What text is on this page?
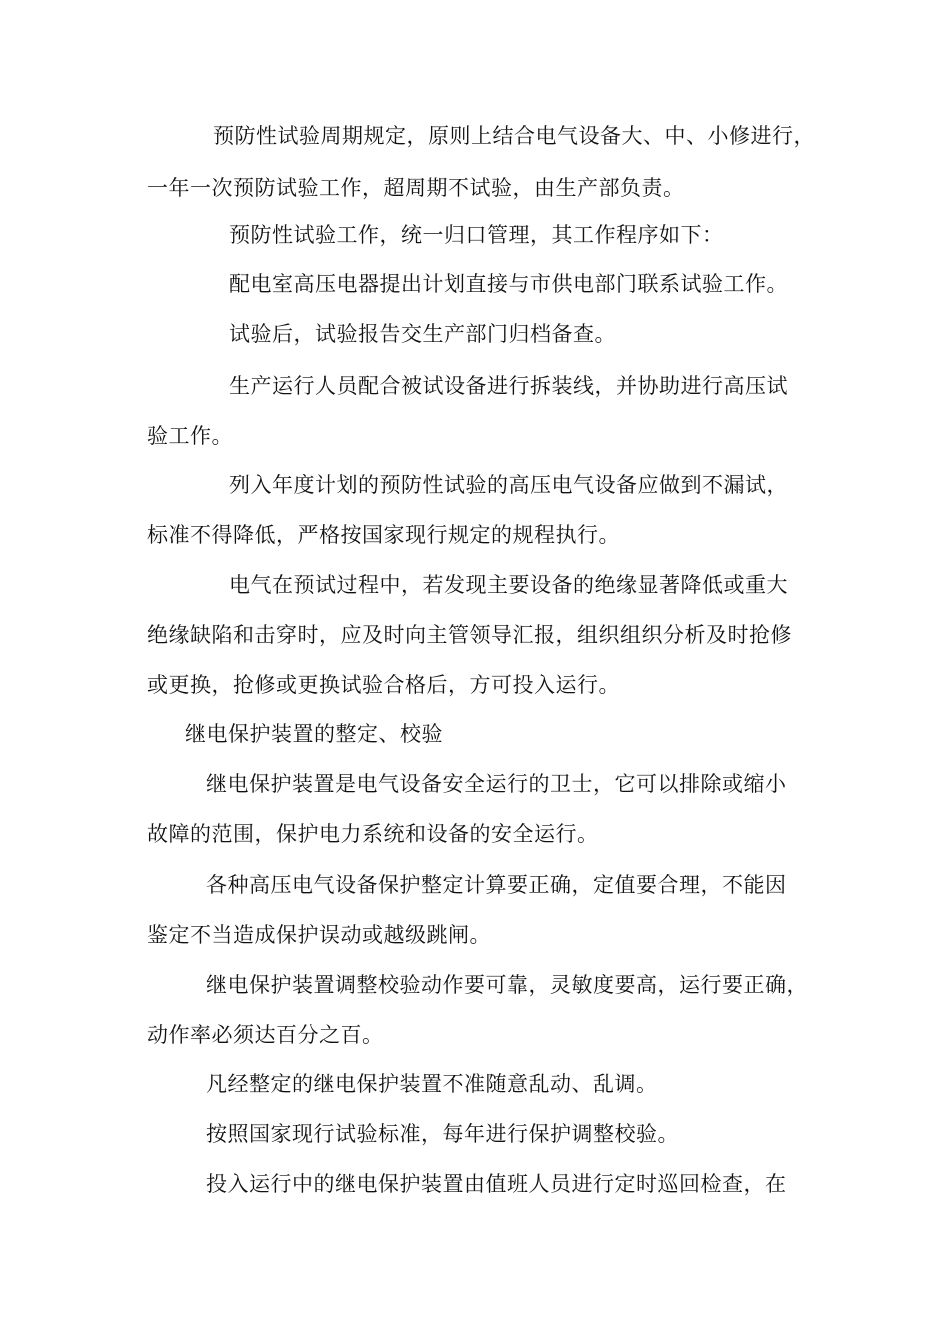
预防性试验周期规定，原则上结合电气设备大、中、小修进行，
一年一次预防试验工作，超周期不试验，由生产部负责。
预防性试验工作，统一归口管理，其工作程序如下：
配电室高压电器提出计划直接与市供电部门联系试验工作。
试验后，试验报告交生产部门归档备查。
生产运行人员配合被试设备进行拆装线，并协助进行高压试
验工作。
列入年度计划的预防性试验的高压电气设备应做到不漏试，
标准不得降低，严格按国家现行规定的规程执行。
电气在预试过程中，若发现主要设备的绝缘显著降低或重大
绝缘缺陷和击穿时，应及时向主管领导汇报，组织组织分析及时抢修
或更换，抢修或更换试验合格后，方可投入运行。
继电保护装置的整定、校验
继电保护装置是电气设备安全运行的卫士，它可以排除或缩小
故障的范围，保护电力系统和设备的安全运行。
各种高压电气设备保护整定计算要正确，定值要合理，不能因
鉴定不当造成保护误动或越级跳闸。
继电保护装置调整校验动作要可靠，灵敏度要高，运行要正确，
动作率必须达百分之百。
凡经整定的继电保护装置不准随意乱动、乱调。
按照国家现行试验标准，每年进行保护调整校验。
投入运行中的继电保护装置由值班人员进行定时巡回检查，在
